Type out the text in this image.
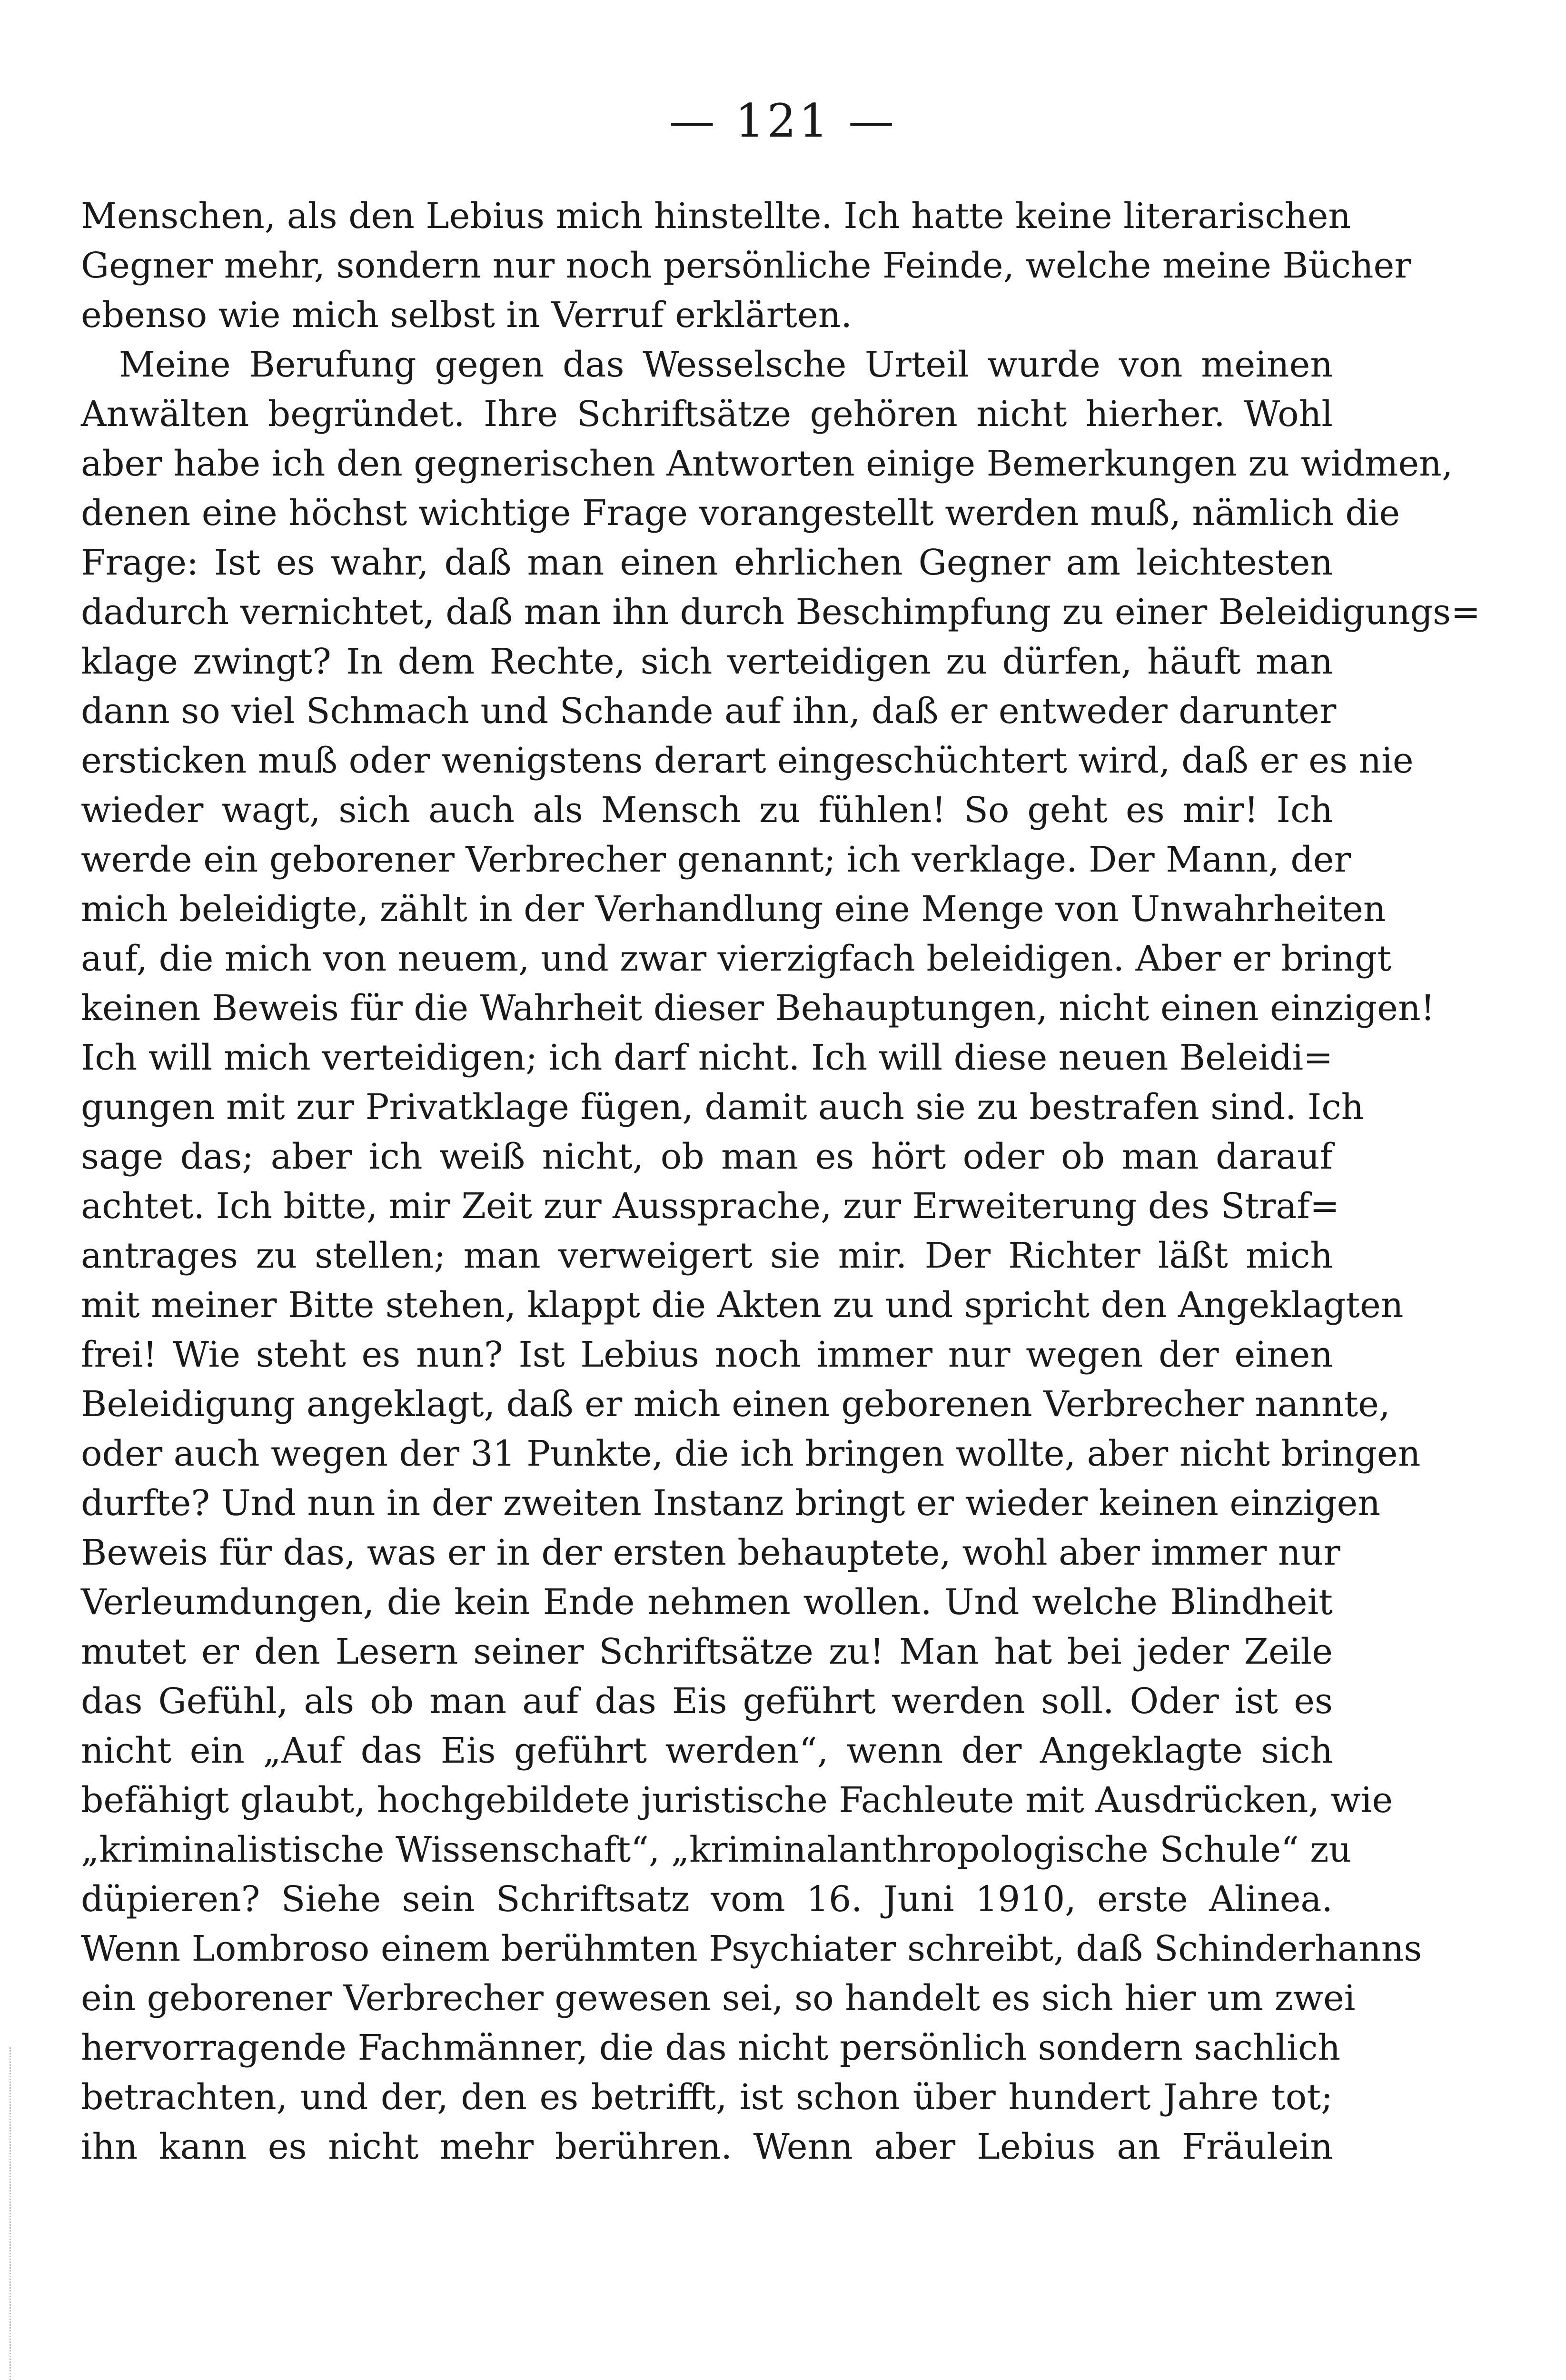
— 121 —
Menschen, als den Lebius mich hinstellte. Ich hatte keine literarischen
Gegner mehr, sondern nur noch persönliche Feinde, welche meine Bücher
ebenso wie mich selbst in Verruf erklärten.
Meine Berufung gegen das Wesselsche Urteil wurde von meinen
Anwälten begründet. Ihre Schriftsätze gehören nicht hierher. Wohl
aber habe ich den gegnerischen Antworten einige Bemerkungen zu widmen,
denen eine höchst wichtige Frage vorangestellt werden muß, nämlich die
Frage: Ist es wahr, daß man einen ehrlichen Gegner am leichtesten
dadurch vernichtet, daß man ihn durch Beschimpfung zu einer Beleidigungs=
klage zwingt? In dem Rechte, sich verteidigen zu dürfen, häuft man
dann so viel Schmach und Schande auf ihn, daß er entweder darunter
ersticken muß oder wenigstens derart eingeschüchtert wird, daß er es nie
wieder wagt, sich auch als Mensch zu fühlen! So geht es mir! Ich
werde ein geborener Verbrecher genannt; ich verklage. Der Mann, der
mich beleidigte, zählt in der Verhandlung eine Menge von Unwahrheiten
auf, die mich von neuem, und zwar vierzigfach beleidigen. Aber er bringt
keinen Beweis für die Wahrheit dieser Behauptungen, nicht einen einzigen!
Ich will mich verteidigen; ich darf nicht. Ich will diese neuen Beleidi=
gungen mit zur Privatklage fügen, damit auch sie zu bestrafen sind. Ich
sage das; aber ich weiß nicht, ob man es hört oder ob man darauf
achtet. Ich bitte, mir Zeit zur Aussprache, zur Erweiterung des Straf=
antrages zu stellen; man verweigert sie mir. Der Richter läßt mich
mit meiner Bitte stehen, klappt die Akten zu und spricht den Angeklagten
frei! Wie steht es nun? Ist Lebius noch immer nur wegen der einen
Beleidigung angeklagt, daß er mich einen geborenen Verbrecher nannte,
oder auch wegen der 31 Punkte, die ich bringen wollte, aber nicht bringen
durfte? Und nun in der zweiten Instanz bringt er wieder keinen einzigen
Beweis für das, was er in der ersten behauptete, wohl aber immer nur
Verleumdungen, die kein Ende nehmen wollen. Und welche Blindheit
mutet er den Lesern seiner Schriftsätze zu! Man hat bei jeder Zeile
das Gefühl, als ob man auf das Eis geführt werden soll. Oder ist es
nicht ein „Auf das Eis geführt werden“, wenn der Angeklagte sich
befähigt glaubt, hochgebildete juristische Fachleute mit Ausdrücken, wie
„kriminalistische Wissenschaft“, „kriminalanthropologische Schule“ zu
düpieren? Siehe sein Schriftsatz vom 16. Juni 1910, erste Alinea.
Wenn Lombroso einem berühmten Psychiater schreibt, daß Schinderhanns
ein geborener Verbrecher gewesen sei, so handelt es sich hier um zwei
hervorragende Fachmänner, die das nicht persönlich sondern sachlich
betrachten, und der, den es betrifft, ist schon über hundert Jahre tot;
ihn kann es nicht mehr berühren. Wenn aber Lebius an Fräulein
